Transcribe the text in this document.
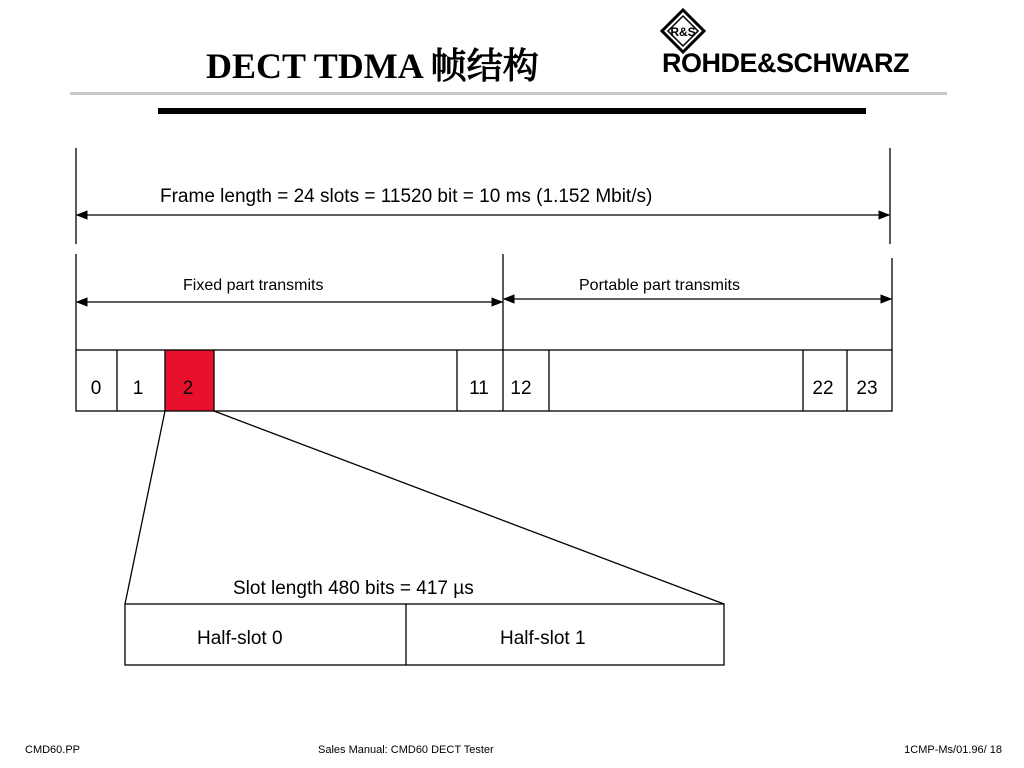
DECT TDMA 帧结构
R&S
ROHDE&SCHWARZ
Frame length = 24 slots = 11520 bit = 10 ms (1.152 Mbit/s)
Fixed part transmits	Portable part transmits
0 1 2	11 12	22 23
Slot length 480 bits = 417 µs
Half-slot 0	Half-slot 1
CMD60.PP	Sales Manual: CMD60 DECT Tester	1CMP-Ms/01.96/ 18
